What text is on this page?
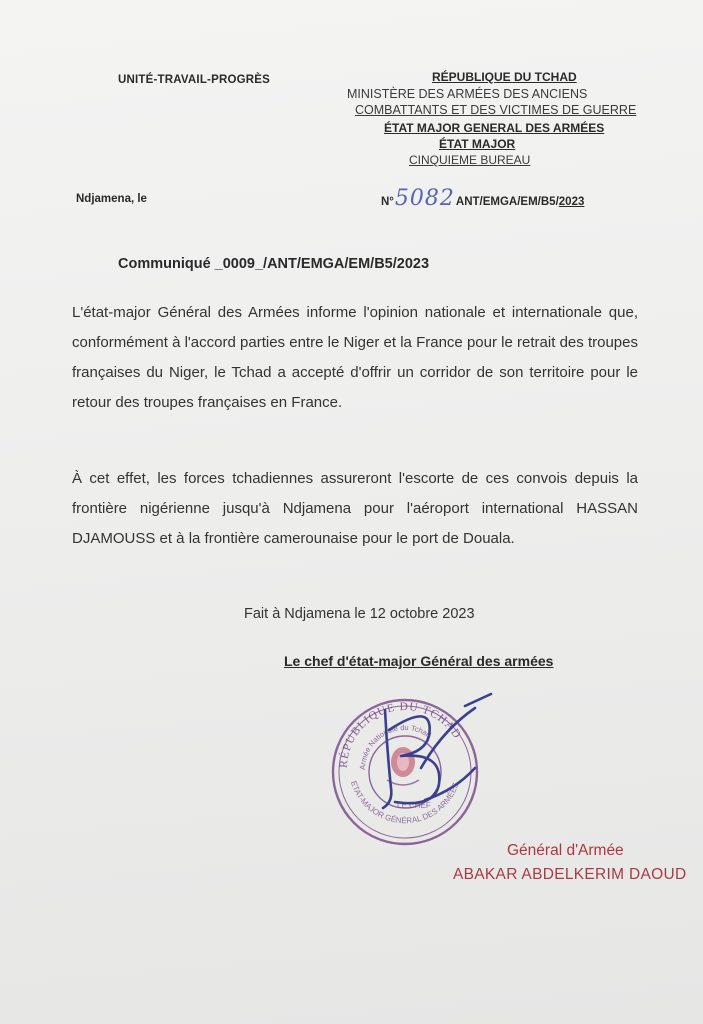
UNITÉ-TRAVAIL-PROGRÈS	RÉPUBLIQUE DU TCHAD
MINISTÈRE DES ARMÉES DES ANCIENS
COMBATTANTS ET DES VICTIMES DE GUERRE
ÉTAT MAJOR GENERAL DES ARMÉES
ÉTAT MAJOR
CINQUIEME BUREAU
Ndjamena, le	N°5082ANT/EMGA/EM/B5/2023
Communiqué _0009_/ANT/EMGA/EM/B5/2023
L'état-major Général des Armées informe l'opinion nationale et internationale que, conformément à l'accord parties entre le Niger et la France pour le retrait des troupes françaises du Niger, le Tchad a accepté d'offrir un corridor de son territoire pour le retour des troupes françaises en France.
À cet effet, les forces tchadiennes assureront l'escorte de ces convois depuis la frontière nigérienne jusqu'à Ndjamena pour l'aéroport international HASSAN DJAMOUSS et à la frontière camerounaise pour le port de Douala.
Fait à Ndjamena le 12 octobre 2023
Le chef d'état-major Général des armées
RÉPUBLIQUE DU TCHAD
Armée Nationale du Tchad
ETAT-MAJOR GÉNÉRAL DES ARMÉES
LE CHEF
Général d'Armée
ABAKAR ABDELKERIM DAOUD
